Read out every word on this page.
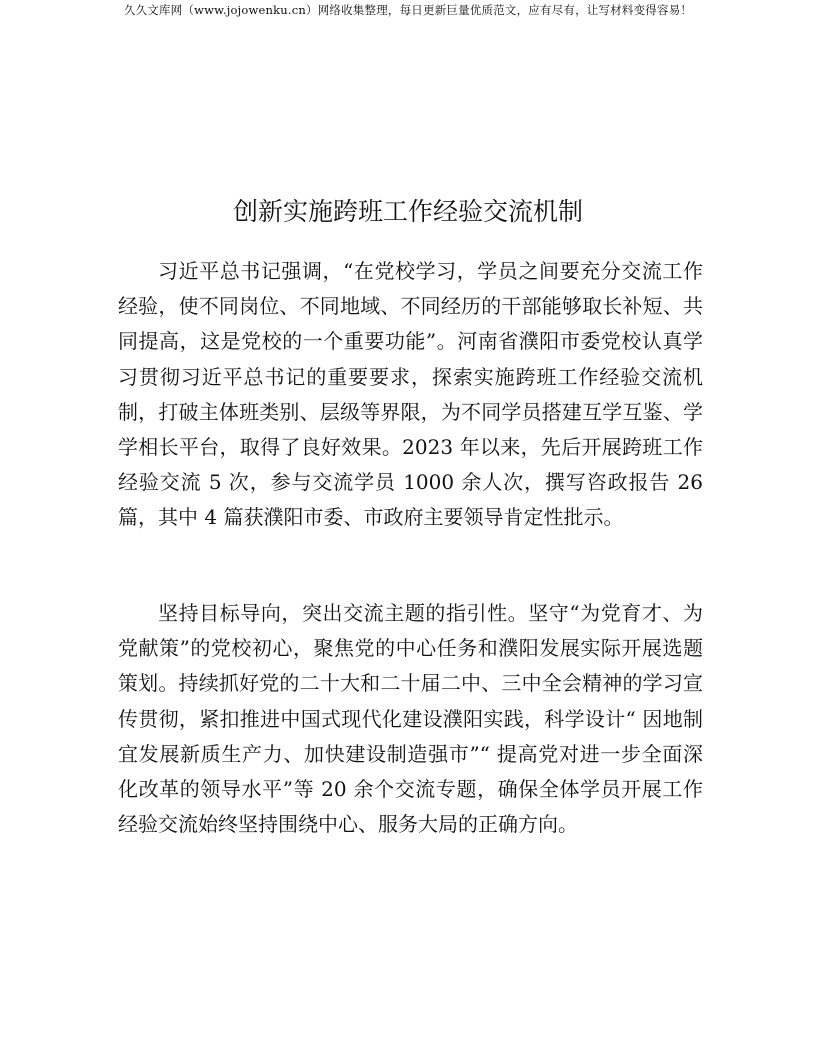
久久文库网（www.jojowenku.cn）网络收集整理，每日更新巨量优质范文，应有尽有，让写材料变得容易！
创新实施跨班工作经验交流机制

习近平总书记强调，“在党校学习，学员之间要充分交流工作经验，使不同岗位、不同地域、不同经历的干部能够取长补短、共同提高，这是党校的一个重要功能”。河南省濮阳市委党校认真学习贯彻习近平总书记的重要要求，探索实施跨班工作经验交流机制，打破主体班类别、层级等界限，为不同学员搭建互学互鉴、学学相长平台，取得了良好效果。2023 年以来，先后开展跨班工作经验交流 5 次，参与交流学员 1000 余人次，撰写咨政报告 26 篇，其中 4 篇获濮阳市委、市政府主要领导肯定性批示。

坚持目标导向，突出交流主题的指引性。坚守“为党育才、为党献策”的党校初心，聚焦党的中心任务和濮阳发展实际开展选题策划。持续抓好党的二十大和二十届二中、三中全会精神的学习宣传贯彻，紧扣推进中国式现代化建设濮阳实践，科学设计“ 因地制宜发展新质生产力、加快建设制造强市”“ 提高党对进一步全面深化改革的领导水平”等 20 余个交流专题，确保全体学员开展工作经验交流始终坚持围绕中心、服务大局的正确方向。
